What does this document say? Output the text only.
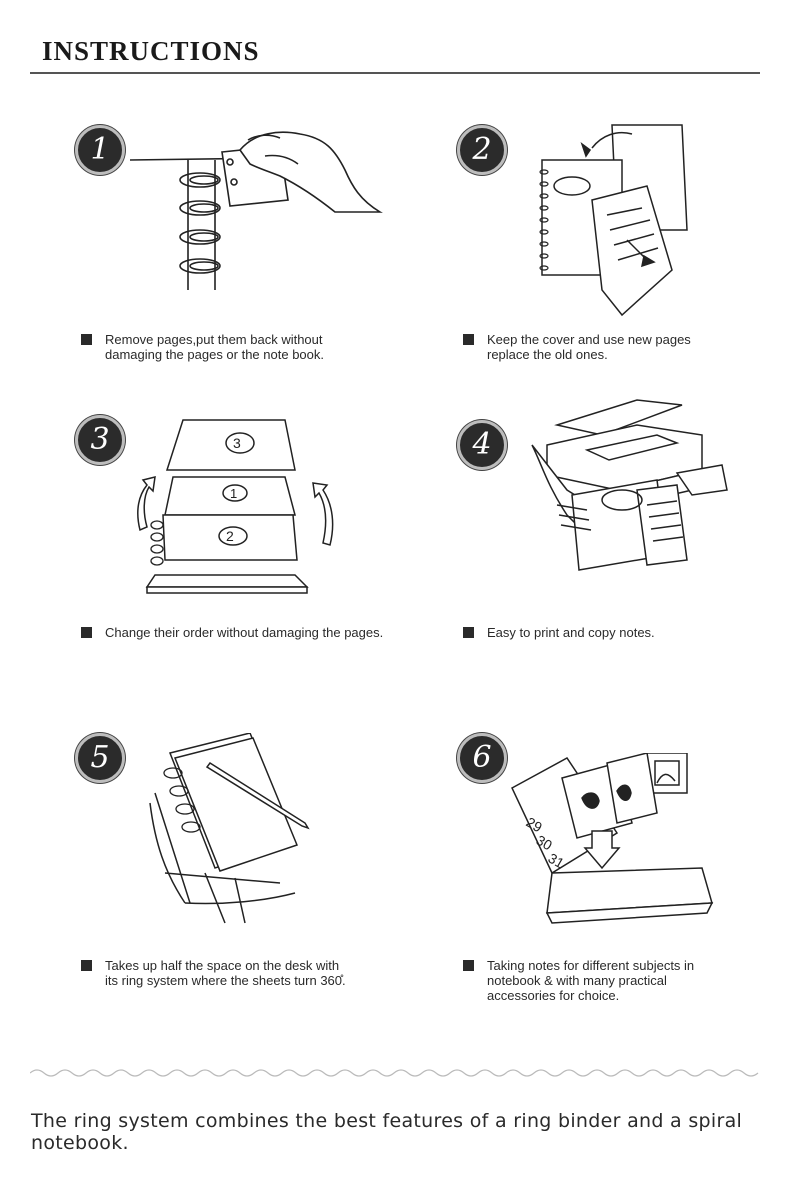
INSTRUCTIONS
1
Remove pages,put them back without
damaging the pages or the note book.
2
Keep the cover and use new pages
replace the old ones.
3	3
1
2
Change their order without damaging the pages.
4
Easy to print and copy notes.
5
Takes up half the space on the desk with
its ring system where the sheets turn 360̊.
6
29
30
31
Taking notes for different subjects in
notebook & with many practical
accessories for choice.
The ring system combines the best features of a ring binder and a spiral notebook.
